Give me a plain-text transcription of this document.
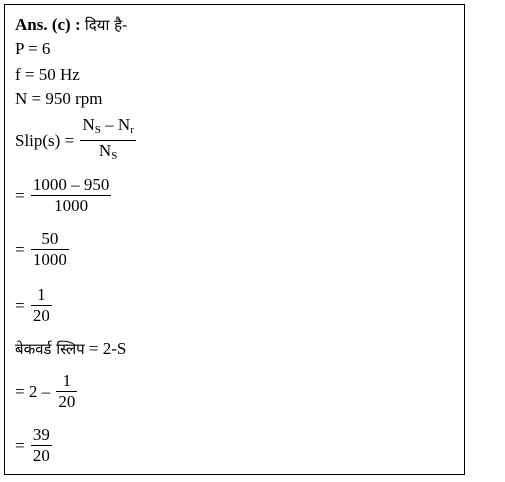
Ans. (c) : दिया है-
P = 6
f = 50 Hz
N = 950 rpm
Slip(s) = $\frac{N_S - N_r}{N_S}$
= $\frac{1000 - 950}{1000}$
= $\frac{50}{1000}$
= $\frac{1}{20}$
बेकवर्ड स्लिप = 2-S
= $2 - \frac{1}{20}$
= $\frac{39}{20}$
